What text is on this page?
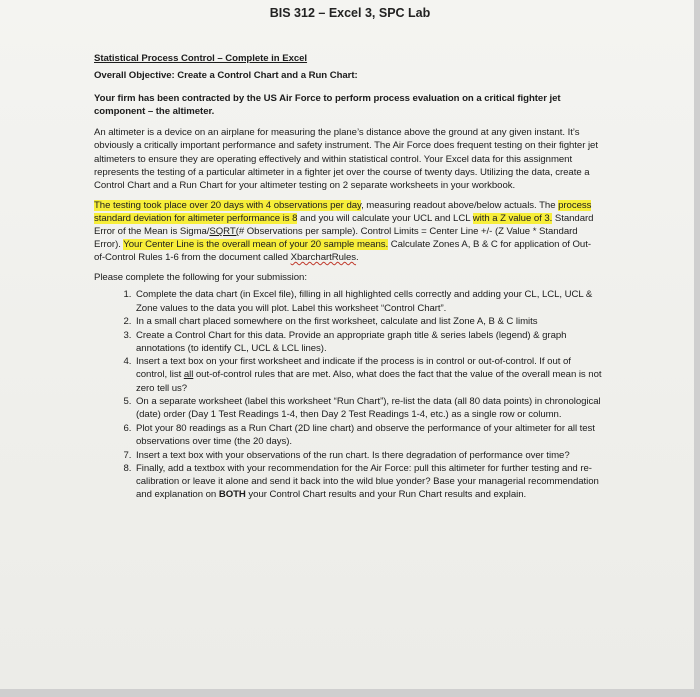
BIS 312 – Excel 3, SPC Lab

Statistical Process Control – Complete in Excel

Overall Objective: Create a Control Chart and a Run Chart:

Your firm has been contracted by the US Air Force to perform process evaluation on a critical fighter jet component – the altimeter.

An altimeter is a device on an airplane for measuring the plane’s distance above the ground at any given instant. It’s obviously a critically important performance and safety instrument. The Air Force does frequent testing on their fighter jet altimeters to ensure they are operating effectively and within statistical control. Your Excel data for this assignment represents the testing of a particular altimeter in a fighter jet over the course of twenty days. Utilizing the data, create a Control Chart and a Run Chart for your altimeter testing on 2 separate worksheets in your workbook.

The testing took place over 20 days with 4 observations per day, measuring readout above/below actuals. The process standard deviation for altimeter performance is 8 and you will calculate your UCL and LCL with a Z value of 3. Standard Error of the Mean is Sigma/SQRT(# Observations per sample). Control Limits = Center Line +/- (Z Value * Standard Error). Your Center Line is the overall mean of your 20 sample means. Calculate Zones A, B & C for application of Out-of-Control Rules 1-6 from the document called XbarchartRules.

Please complete the following for your submission:

1. Complete the data chart (in Excel file), filling in all highlighted cells correctly and adding your CL, LCL, UCL & Zone values to the data you will plot. Label this worksheet “Control Chart”.
2. In a small chart placed somewhere on the first worksheet, calculate and list Zone A, B & C limits
3. Create a Control Chart for this data. Provide an appropriate graph title & series labels (legend) & graph annotations (to identify CL, UCL & LCL lines).
4. Insert a text box on your first worksheet and indicate if the process is in control or out-of-control. If out of control, list all out-of-control rules that are met. Also, what does the fact that the value of the overall mean is not zero tell us?
5. On a separate worksheet (label this worksheet “Run Chart”), re-list the data (all 80 data points) in chronological (date) order (Day 1 Test Readings 1-4, then Day 2 Test Readings 1-4, etc.) as a single row or column.
6. Plot your 80 readings as a Run Chart (2D line chart) and observe the performance of your altimeter for all test observations over time (the 20 days).
7. Insert a text box with your observations of the run chart. Is there degradation of performance over time?
8. Finally, add a textbox with your recommendation for the Air Force: pull this altimeter for further testing and re-calibration or leave it alone and send it back into the wild blue yonder? Base your managerial recommendation and explanation on BOTH your Control Chart results and your Run Chart results and explain.
